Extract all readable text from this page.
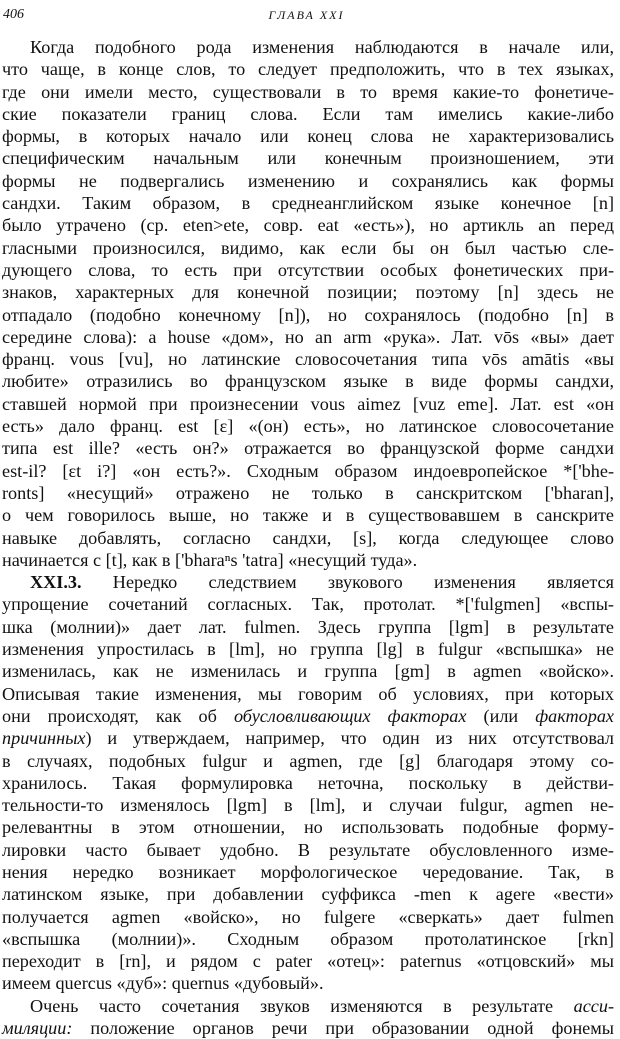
406	ГЛАВА XXI
Когда подобного рода изменения наблюдаются в начале или,
что чаще, в конце слов, то следует предположить, что в тех языках,
где они имели место, существовали в то время какие-то фонетиче-
ские показатели границ слова. Если там имелись какие-либо
формы, в которых начало или конец слова не характеризовались
специфическим начальным или конечным произношением, эти
формы не подвергались изменению и сохранялись как формы
сандхи. Таким образом, в среднеанглийском языке конечное [n]
было утрачено (ср. eten>ete, совр. eat «есть»), но артикль an перед
гласными произносился, видимо, как если бы он был частью сле-
дующего слова, то есть при отсутствии особых фонетических при-
знаков, характерных для конечной позиции; поэтому [n] здесь не
отпадало (подобно конечному [n]), но сохранялось (подобно [n] в
середине слова): a house «дом», но an arm «рука». Лат. vōs «вы» дает
франц. vous [vu], но латинские словосочетания типа vōs amātis «вы
любите» отразились во французском языке в виде формы сандхи,
ставшей нормой при произнесении vous aimez [vuz eme]. Лат. est «он
есть» дало франц. est [ɛ] «(он) есть», но латинское словосочетание
типа est ille? «есть он?» отражается во французской форме сандхи
est-il? [ɛt i?] «он есть?». Сходным образом индоевропейское *['bhe-
ronts] «несущий» отражено не только в санскритском ['bharan],
о чем говорилось выше, но также и в существовавшем в санскрите
навыке добавлять, согласно сандхи, [s], когда следующее слово
начинается с [t], как в ['bharaⁿs 'tatra] «несущий туда».
XXI.3. Нередко следствием звукового изменения является
упрощение сочетаний согласных. Так, протолат. *['fulgmen] «вспы-
шка (молнии)» дает лат. fulmen. Здесь группа [lgm] в результате
изменения упростилась в [lm], но группа [lg] в fulgur «вспышка» не
изменилась, как не изменилась и группа [gm] в agmen «войско».
Описывая такие изменения, мы говорим об условиях, при которых
они происходят, как об обусловливающих факторах (или факторах
причинных) и утверждаем, например, что один из них отсутствовал
в случаях, подобных fulgur и agmen, где [g] благодаря этому со-
хранилось. Такая формулировка неточна, поскольку в действи-
тельности-то изменялось [lgm] в [lm], и случаи fulgur, agmen не-
релевантны в этом отношении, но использовать подобные форму-
лировки часто бывает удобно. В результате обусловленного изме-
нения нередко возникает морфологическое чередование. Так, в
латинском языке, при добавлении суффикса -men к agere «вести»
получается agmen «войско», но fulgere «сверкать» дает fulmen
«вспышка (молнии)». Сходным образом протолатинское [rkn]
переходит в [rn], и рядом с pater «отец»: paternus «отцовский» мы
имеем quercus «дуб»: quernus «дубовый».
Очень часто сочетания звуков изменяются в результате асси-
миляции: положение органов речи при образовании одной фонемы
